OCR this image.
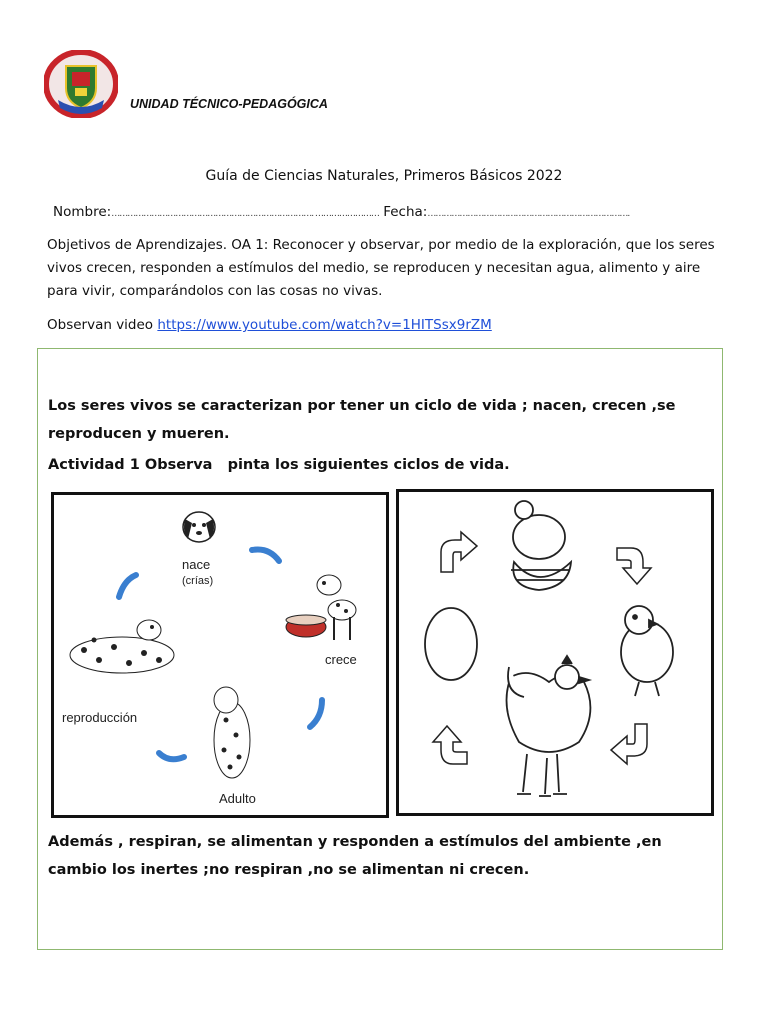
UNIDAD TÉCNICO-PEDAGÓGICA
Guía de Ciencias Naturales, Primeros Básicos 2022
Nombre:…………………………………………………………………. …………………… Fecha:………………………………………………………………….
Objetivos de Aprendizajes. OA 1: Reconocer y observar, por medio de la exploración, que los seres vivos crecen, responden a estímulos del medio, se reproducen y necesitan agua, alimento y aire para vivir, comparándolos con las cosas no vivas.
Observan video https://www.youtube.com/watch?v=1HITSsx9rZM
Los seres vivos se caracterizan por tener un ciclo de vida ; nacen, crecen ,se reproducen y mueren.
Actividad 1 Observa   pinta los siguientes ciclos de vida.
nace
(crías)
crece
reproducción
Adulto
Además , respiran, se alimentan y responden a estímulos del ambiente ,en cambio los inertes ;no respiran ,no se alimentan ni crecen.
